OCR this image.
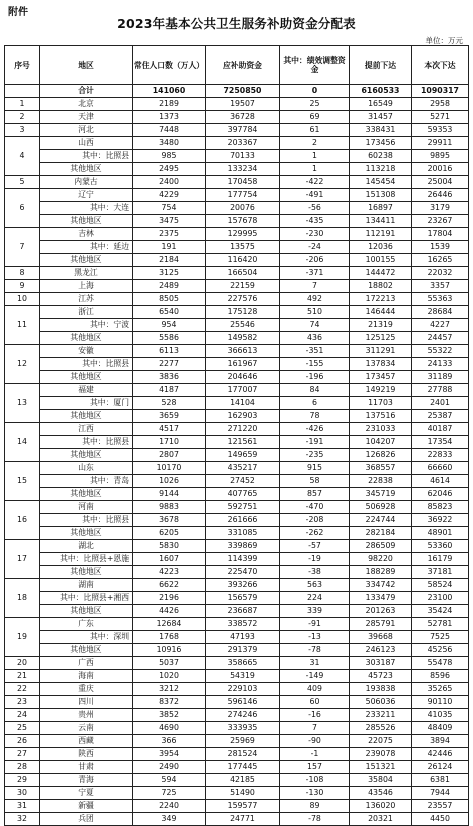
附件
2023年基本公共卫生服务补助资金分配表
单位：万元
序号	地区	常住人口数（万人）	应补助资金	其中：绩效调整资金	提前下达	本次下达
	合计	141060	7250850	0	6160533	1090317
1	北京	2189	19507	25	16549	2958
2	天津	1373	36728	69	31457	5271
3	河北	7448	397784	61	338431	59353
4	山西	3480	203367	2	173456	29911
	其中：比照县	985	70133	1	60238	9895
	其他地区	2495	133234	1	113218	20016
5	内蒙古	2400	170458	-422	145454	25004
6	辽宁	4229	177754	-491	151308	26446
	其中：大连	754	20076	-56	16897	3179
	其他地区	3475	157678	-435	134411	23267
7	吉林	2375	129995	-230	112191	17804
	其中：延边	191	13575	-24	12036	1539
	其他地区	2184	116420	-206	100155	16265
8	黑龙江	3125	166504	-371	144472	22032
9	上海	2489	22159	7	18802	3357
10	江苏	8505	227576	492	172213	55363
11	浙江	6540	175128	510	146444	28684
	其中：宁波	954	25546	74	21319	4227
	其他地区	5586	149582	436	125125	24457
12	安徽	6113	366613	-351	311291	55322
	其中：比照县	2277	161967	-155	137834	24133
	其他地区	3836	204646	-196	173457	31189
13	福建	4187	177007	84	149219	27788
	其中：厦门	528	14104	6	11703	2401
	其他地区	3659	162903	78	137516	25387
14	江西	4517	271220	-426	231033	40187
	其中：比照县	1710	121561	-191	104207	17354
	其他地区	2807	149659	-235	126826	22833
15	山东	10170	435217	915	368557	66660
	其中：青岛	1026	27452	58	22838	4614
	其他地区	9144	407765	857	345719	62046
16	河南	9883	592751	-470	506928	85823
	其中：比照县	3678	261666	-208	224744	36922
	其他地区	6205	331085	-262	282184	48901
17	湖北	5830	339869	-57	286509	53360
	其中：比照县+恩施	1607	114399	-19	98220	16179
	其他地区	4223	225470	-38	188289	37181
18	湖南	6622	393266	563	334742	58524
	其中：比照县+湘西	2196	156579	224	133479	23100
	其他地区	4426	236687	339	201263	35424
19	广东	12684	338572	-91	285791	52781
	其中：深圳	1768	47193	-13	39668	7525
	其他地区	10916	291379	-78	246123	45256
20	广西	5037	358665	31	303187	55478
21	海南	1020	54319	-149	45723	8596
22	重庆	3212	229103	409	193838	35265
23	四川	8372	596146	60	506036	90110
24	贵州	3852	274246	-16	233211	41035
25	云南	4690	333935	7	285526	48409
26	西藏	366	25969	-90	22075	3894
27	陕西	3954	281524	-1	239078	42446
28	甘肃	2490	177445	157	151321	26124
29	青海	594	42185	-108	35804	6381
30	宁夏	725	51490	-130	43546	7944
31	新疆	2240	159577	89	136020	23557
32	兵团	349	24771	-78	20321	4450
